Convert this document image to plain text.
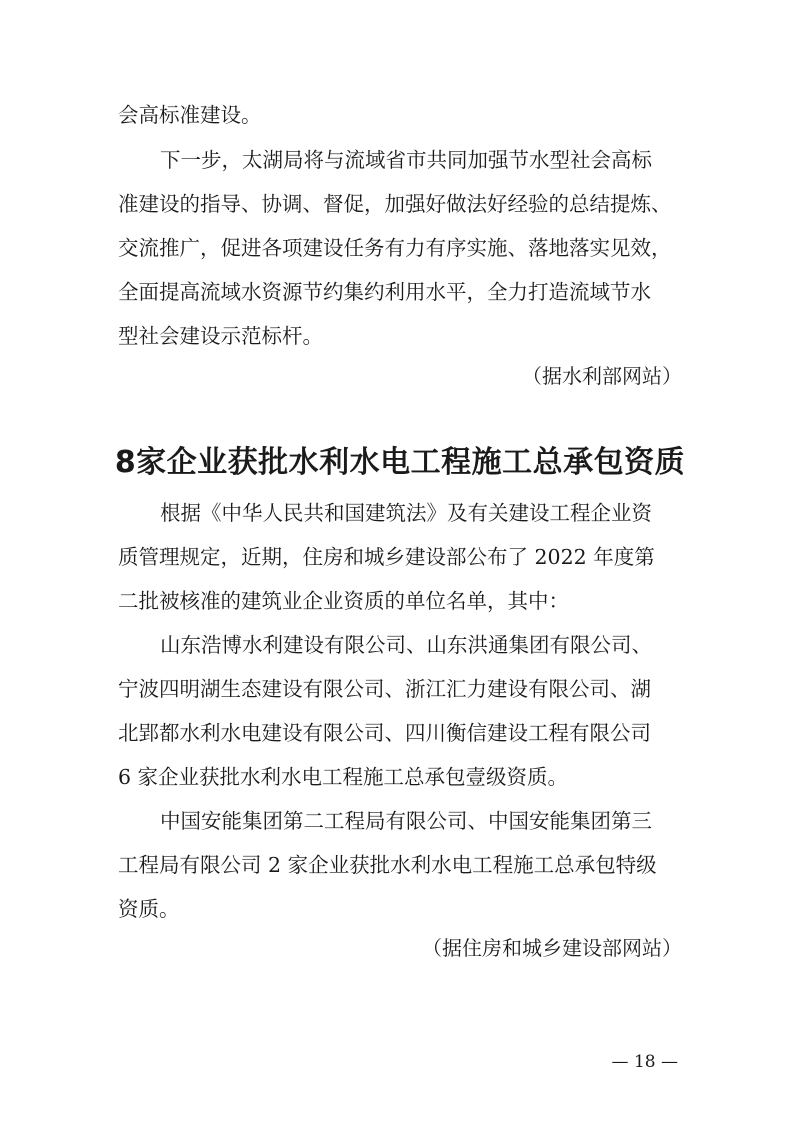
会高标准建设。
下一步，太湖局将与流域省市共同加强节水型社会高标
准建设的指导、协调、督促，加强好做法好经验的总结提炼、
交流推广，促进各项建设任务有力有序实施、落地落实见效，
全面提高流域水资源节约集约利用水平，全力打造流域节水
型社会建设示范标杆。
（据水利部网站）
8家企业获批水利水电工程施工总承包资质
根据《中华人民共和国建筑法》及有关建设工程企业资
质管理规定，近期，住房和城乡建设部公布了 2022 年度第
二批被核准的建筑业企业资质的单位名单，其中：
山东浩博水利建设有限公司、山东洪通集团有限公司、
宁波四明湖生态建设有限公司、浙江汇力建设有限公司、湖
北郢都水利水电建设有限公司、四川衡信建设工程有限公司
6 家企业获批水利水电工程施工总承包壹级资质。
中国安能集团第二工程局有限公司、中国安能集团第三
工程局有限公司 2 家企业获批水利水电工程施工总承包特级
资质。
（据住房和城乡建设部网站）
— 18 —
